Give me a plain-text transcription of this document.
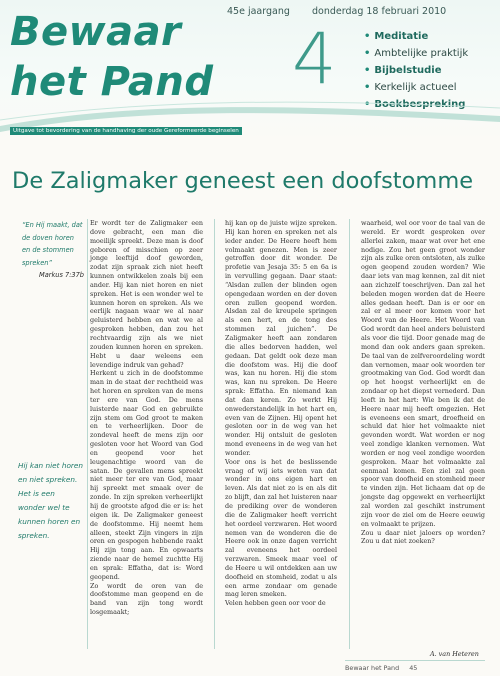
Bewaar
het Pand 4
45e jaargang donderdag 18 februari 2010
• Meditatie
• Ambtelijke praktijk
• Bijbelstudie
• Kerkelijk actueel
• Boekbespreking
Uitgave tot bevordering van de handhaving der oude Gereformeerde beginselen
De Zaligmaker geneest een doofstomme
“En Hij maakt, dat de doven horen en de stommen spreken”
Markus 7:37b
Hij kan niet horen en niet spreken. Het is een wonder wel te kunnen horen en spreken.

Er wordt ter de Zaligmaker een dove gebracht, een man die moeilijk spreekt. Deze man is doof geboren of misschien op zeer jonge leeftijd doof geworden, zodat zijn spraak zich niet heeft kunnen ontwikkelen zoals bij een ander. Hij kan niet horen en niet spreken. Het is een wonder wel te kunnen horen en spreken. Als we eerlijk nagaan waar we al naar geluisterd hebben en wat we al gesproken hebben, dan zou het rechtvaardig zijn als we niet zouden kunnen horen en spreken. Hebt u daar weleens een levendige indruk van gehad?

Herkent u zich in de doofstomme man in de staat der rechtheid was het horen en spreken van de mens ter ere van God. De mens luisterde naar God en gebruikte zijn stem om God groot te maken en te verheerlijken. Door de zondeval heeft de mens zijn oor gesloten voor het Woord van God en geopend voor het leugenachtige woord van de satan. De gevallen mens spreekt niet meer ter ere van God, maar hij spreekt met smaak over de zonde. In zijn spreken verheerlijkt hij de grootste afgod die er is: het eigen ik. De Zaligmaker geneest de doofstomme. Hij neemt hem alleen, steekt Zijn vingers in zijn oren en gespogen hebbende raakt Hij zijn tong aan. En opwaarts ziende naar de hemel zuchtte Hij en sprak: Effatha, dat is: Word geopend.

Zo wordt de oren van de doofstomme man geopend en de band van zijn tong wordt losgemaakt;

hij kan op de juiste wijze spreken. Hij kan horen en spreken net als ieder ander. De Heere heeft hem volmaakt genezen. Men is zeer getroffen door dit wonder. De profetie van Jesaja 35: 5 en 6a is in vervulling gegaan. Daar staat: “Alsdan zullen der blinden ogen opengedaan worden en der doven oren zullen geopend worden. Alsdan zal de kreupele springen als een hert, en de tong des stommen zal juichen”. De Zaligmaker heeft aan zondaren die alles bedorven hadden, wel gedaan. Dat geldt ook deze man die doofstom was. Hij die doof was, kan nu horen. Hij die stom was, kan nu spreken. De Heere sprak: Effatha. En niemand kan dat dan keren. Zo werkt Hij onwederstandelijk in het hart en, even van de Zijnen. Hij opent het gesloten oor in de weg van het wonder. Hij ontsluit de gesloten mond eveneens in de weg van het wonder.

Voor ons is het de beslissende vraag of wij iets weten van dat wonder in ons eigen hart en leven. Als dat niet zo is en als dit zo blijft, dan zal het luisteren naar de prediking over de wonderen die de Zaligmaker heeft verricht het oordeel verzwaren. Het woord nemen van de wonderen die de Heere ook in onze dagen verricht zal eveneens het oordeel verzwaren. Smeek maar veel of de Heere u wil ontdekken aan uw doofheid en stomheid, zodat u als een arme zondaar om genade mag leren smeken.

Velen hebben geen oor voor de

waarheid, wel oor voor de taal van de wereld. Er wordt gesproken over allerlei zaken, maar wat over het ene nodige. Zou het geen groot wonder zijn als zulke oren ontsloten, als zulke ogen geopend zouden worden? Wie daar iets van mag kennen, zal dit niet aan zichzelf toeschrijven. Dan zal het beleden mogen worden dat de Heere alles gedaan heeft. Dan is er oor en zal er al meer oor komen voor het Woord van de Heere. Het Woord van God wordt dan heel anders beluisterd als voor die tijd. Door genade mag de mond dan ook anders gaan spreken. De taal van de zelfveroordeling wordt dan vernomen, maar ook woorden ter grootmaking van God. God wordt dan op het hoogst verheerlijkt en de zondaar op het diepst vernederd. Dan leeft in het hart: Wie ben ik dat de Heere naar mij heeft omgezien. Het is eveneens een smart, droefheid en schuld dat hier het volmaakte niet gevonden wordt. Wat worden er nog veel zondige klanken vernomen. Wat worden er nog veel zondige woorden gesproken. Maar het volmaakte zal eenmaal komen. Een ziel zal geen spoor van doofheid en stomheid meer te vinden zijn. Het lichaam dat op de jongste dag opgewekt en verheerlijkt zal worden zal geschikt instrument zijn voor de ziel om de Heere eeuwig en volmaakt te prijzen.

Zou u daar niet jaloers op worden? Zou u dat niet zoeken?

A. van Heteren
Bewaar het Pand 45
